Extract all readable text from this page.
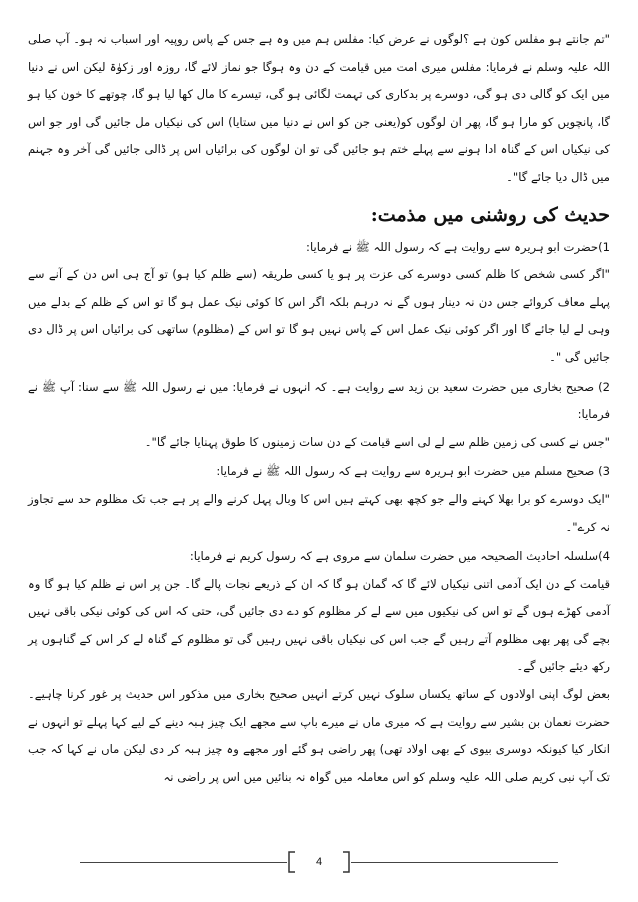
"تم جانتے ہو مفلس کون ہے ؟لوگوں نے عرض کیا: مفلس ہم میں وہ ہے جس کے پاس روپیہ اور اسباب نہ ہو۔ آپ صلی اللہ علیہ وسلم نے فرمایا: مفلس میری امت میں قیامت کے دن وہ ہوگا جو نماز لائے گا، روزہ اور زکوٰۃ لیکن اس نے دنیا میں ایک کو گالی دی ہو گی، دوسرے پر بدکاری کی تہمت لگائی ہو گی، تیسرے کا مال کھا لیا ہو گا، چوتھے کا خون کیا ہو گا، پانچویں کو مارا ہو گا، پھر ان لوگوں کو(یعنی جن کو اس نے دنیا میں ستایا) اس کی نیکیاں مل جائیں گی اور جو اس کی نیکیاں اس کے گناہ ادا ہونے سے پہلے ختم ہو جائیں گی تو ان لوگوں کی برائیاں اس پر ڈالی جائیں گی آخر وہ جہنم میں ڈال دیا جائے گا"۔

حدیث کی روشنی میں مذمت:

1)حضرت ابو ہریرہ سے روایت ہے کہ رسول اللہ ﷺ نے فرمایا:

"اگر کسی شخص کا ظلم کسی دوسرے کی عزت پر ہو یا کسی طریقہ (سے ظلم کیا ہو) تو آج ہی اس دن کے آنے سے پہلے معاف کروائے جس دن نہ دینار ہوں گے نہ درہم بلکہ اگر اس کا کوئی نیک عمل ہو گا تو اس کے ظلم کے بدلے میں وہی لے لیا جائے گا اور اگر کوئی نیک عمل اس کے پاس نہیں ہو گا تو اس کے (مظلوم) ساتھی کی برائیاں اس پر ڈال دی جائیں گی "۔

2) صحیح بخاری میں حضرت سعید بن زید سے روایت ہے۔ کہ انہوں نے فرمایا: میں نے رسول اللہ ﷺ سے سنا: آپ ﷺ نے فرمایا:

"جس نے کسی کی زمین ظلم سے لے لی اسے قیامت کے دن سات زمینوں کا طوق پہنایا جائے گا"۔

3) صحیح مسلم میں حضرت ابو ہریرہ سے روایت ہے کہ رسول اللہ ﷺ نے فرمایا:

"ایک دوسرے کو برا بھلا کہنے والے جو کچھ بھی کہتے ہیں اس کا وبال پہل کرنے والے پر ہے جب تک مظلوم حد سے تجاوز نہ کرے"۔

4)سلسلہ احادیث الصحیحہ میں حضرت سلمان سے مروی ہے کہ رسول کریم نے فرمایا:

قیامت کے دن ایک آدمی اتنی نیکیاں لائے گا کہ گمان ہو گا کہ ان کے ذریعے نجات پالے گا۔ جن پر اس نے ظلم کیا ہو گا وہ آدمی کھڑے ہوں گے تو اس کی نیکیوں میں سے لے کر مظلوم کو دے دی جائیں گی، حتی کہ اس کی کوئی نیکی باقی نہیں بچے گی پھر بھی مظلوم آتے رہیں گے جب اس کی نیکیاں باقی نہیں رہیں گی تو مظلوم کے گناہ لے کر اس کے گناہوں پر رکھ دیئے جائیں گے۔

بعض لوگ اپنی اولادوں کے ساتھ یکساں سلوک نہیں کرتے انہیں صحیح بخاری میں مذکور اس حدیث پر غور کرنا چاہیے۔ حضرت نعمان بن بشیر سے روایت ہے کہ میری ماں نے میرے باپ سے مجھے ایک چیز ہبہ دینے کے لیے کہا پہلے تو انہوں نے انکار کیا کیونکہ دوسری بیوی کے بھی اولاد تھی) پھر راضی ہو گئے اور مجھے وہ چیز ہبہ کر دی لیکن ماں نے کہا کہ جب تک آپ نبی کریم صلی اللہ علیہ وسلم کو اس معاملہ میں گواہ نہ بنائیں میں اس پر راضی نہ

4
